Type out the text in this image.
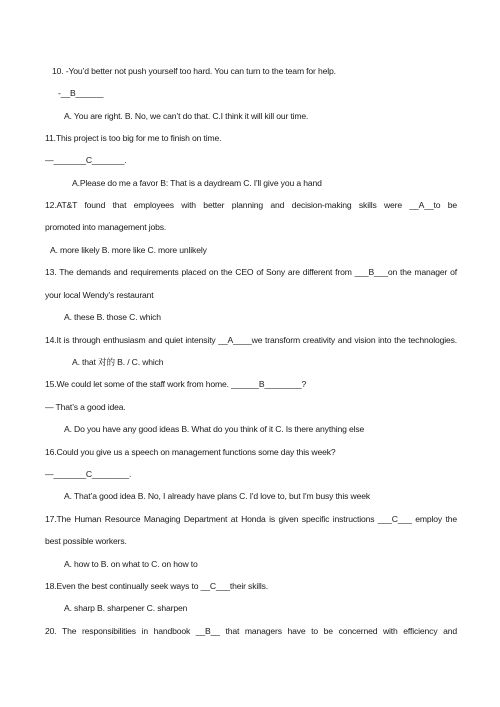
10. -You’d better not push yourself too hard. You can turn to the team for help.
-__B______
A. You are right. B. No, we can’t do that. C.I think it will kill our time.
11.This project is too big for me to finish on time.
—_______C_______.
A.Please do me a favor B: That is a daydream C. I'll give you a hand
12.AT&T found that employees with better planning and decision-making skills were __A__to be
promoted into management jobs.
A. more likely B. more like C. more unlikely
13. The demands and requirements placed on the CEO of Sony are different from ___B___on the manager of
your local Wendy’s restaurant
A. these B. those C. which
14.It is through enthusiasm and quiet intensity __A____we transform creativity and vision into the technologies.
A. that 对的 B. / C. which
15.We could let some of the staff work from home. ______B________?
— That’s a good idea.
A. Do you have any good ideas B. What do you think of it C. Is there anything else
16.Could you give us a speech on management functions some day this week?
—_______C________.
A. That’a good idea B. No, I already have plans C. I'd love to, but I'm busy this week
17.The Human Resource Managing Department at Honda is given specific instructions ___C___ employ the
best possible workers.
A. how to B. on what to C. on how to
18.Even the best continually seek ways to __C___their skills.
A. sharp B. sharpener C. sharpen
20. The responsibilities in handbook __B__ that managers have to be concerned with efficiency and
